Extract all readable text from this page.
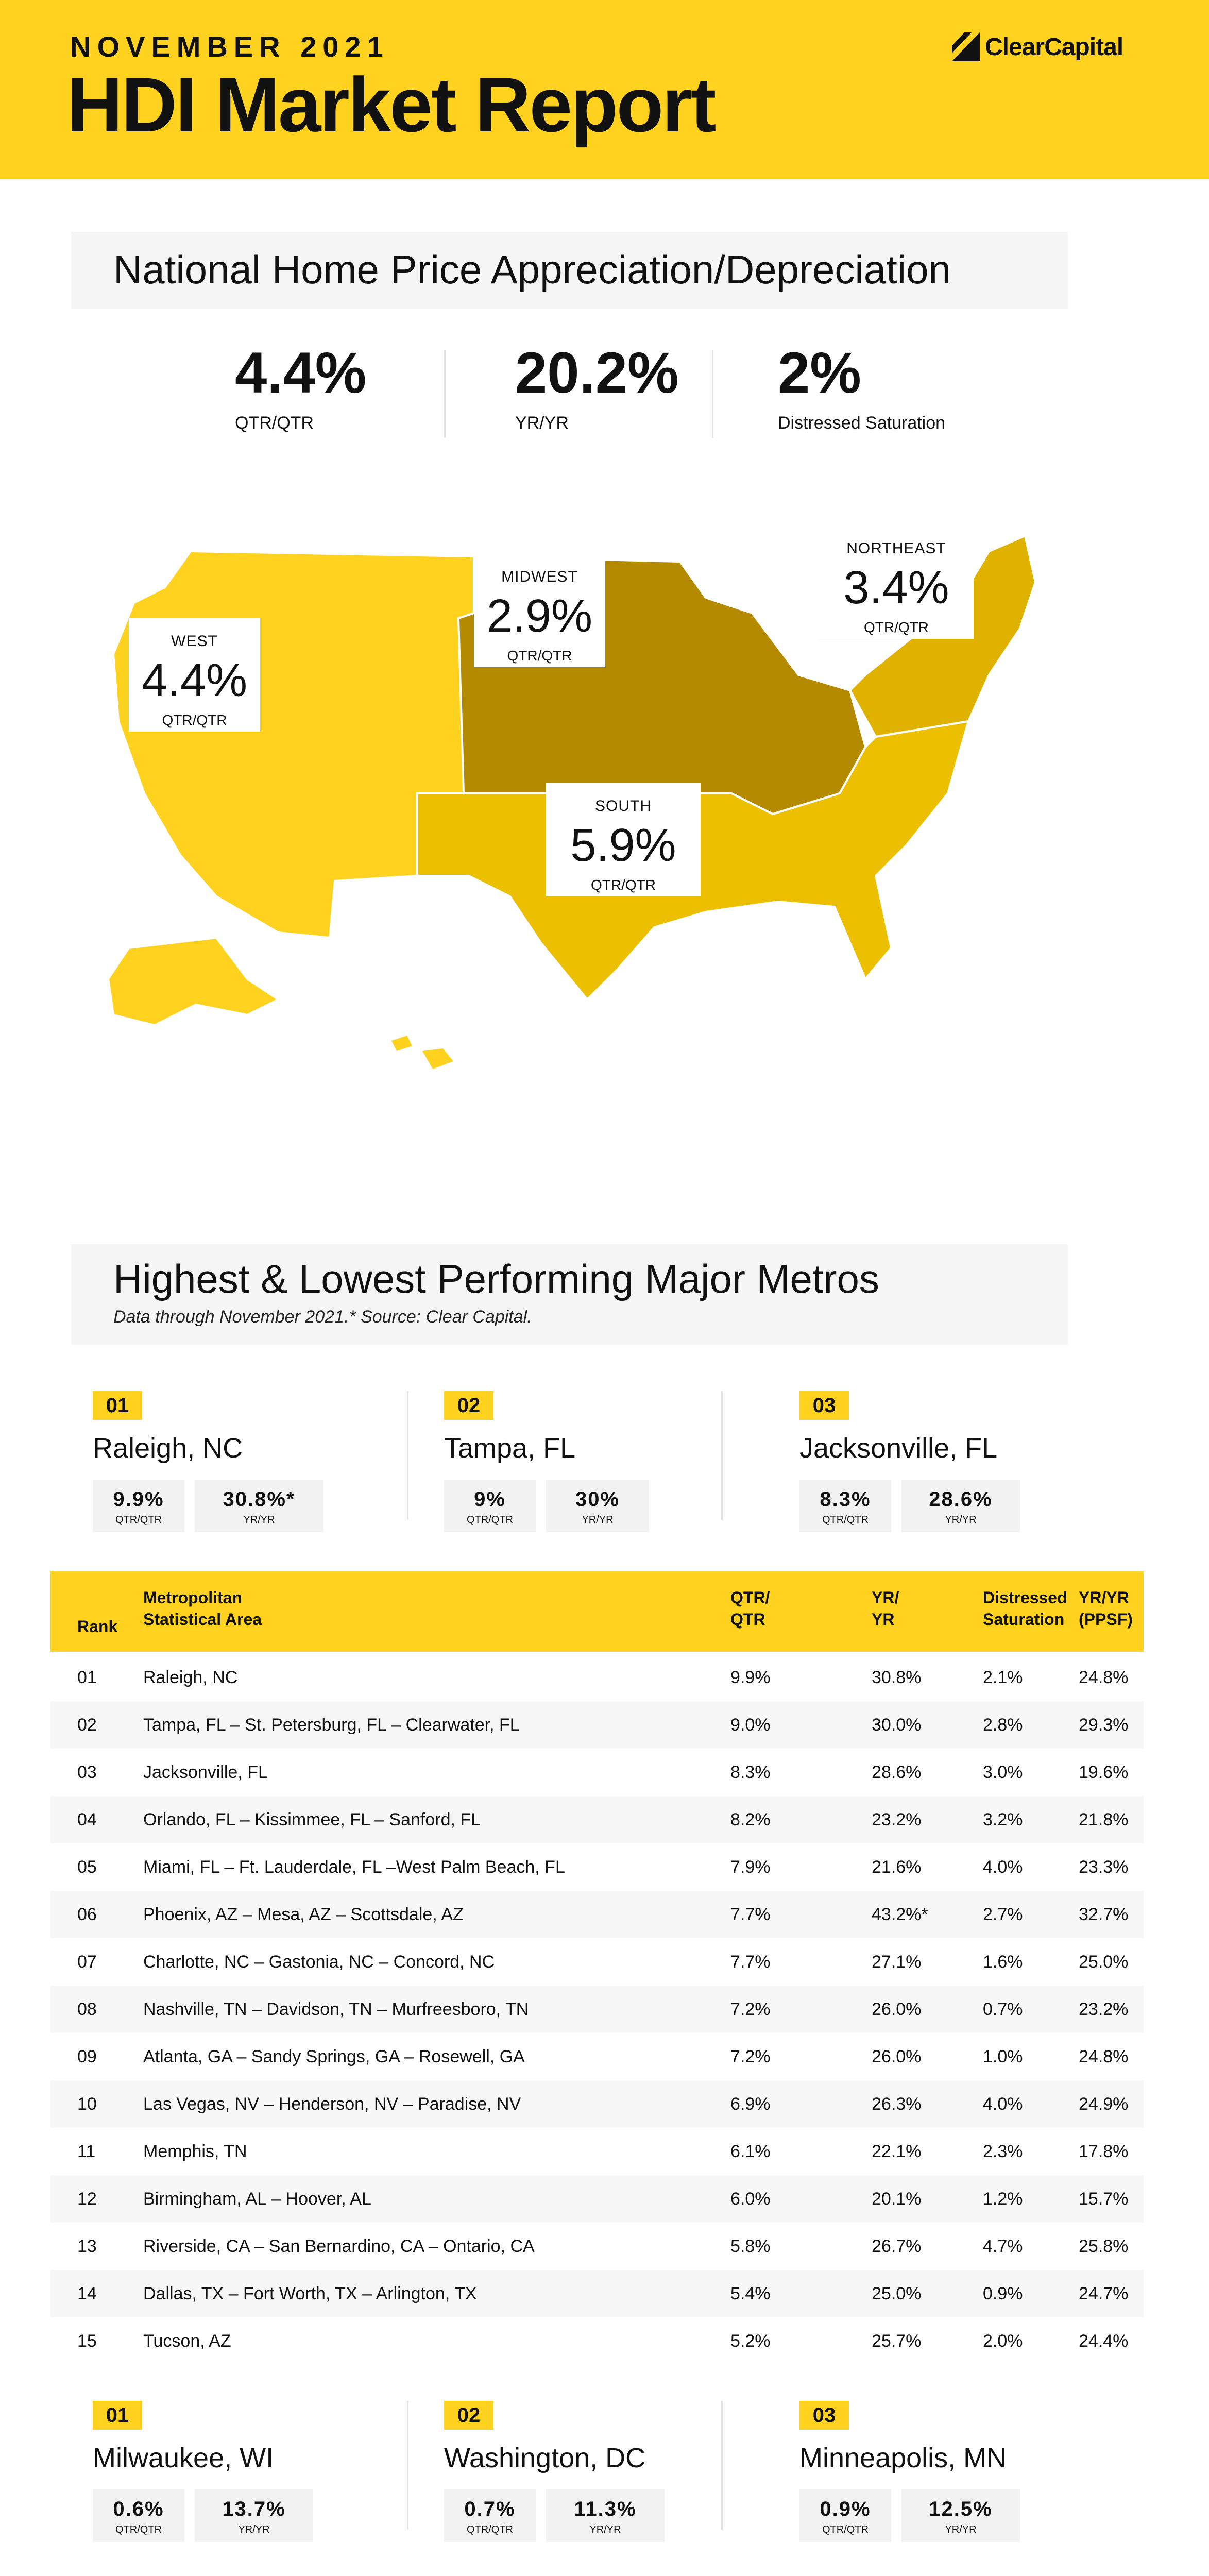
NOVEMBER 2021
HDI Market Report
ClearCapital
National Home Price Appreciation/Depreciation
4.4%
QTR/QTR
20.2%
YR/YR
2%
Distressed Saturation
WEST
4.4%
QTR/QTR
MIDWEST
2.9%
QTR/QTR
NORTHEAST
3.4%
QTR/QTR
SOUTH
5.9%
QTR/QTR
Highest & Lowest Performing Major Metros
Data through November 2021.* Source: Clear Capital.
01
Raleigh, NC
9.9%
QTR/QTR
30.8%*
YR/YR
02
Tampa, FL
9%
QTR/QTR
30%
YR/YR
03
Jacksonville, FL
8.3%
QTR/QTR
28.6%
YR/YR
Rank
Metropolitan
Statistical Area
QTR/
QTR
YR/
YR
Distressed
Saturation
YR/YR
(PPSF)
01	Raleigh, NC	9.9%	30.8%	2.1%	24.8%
02	Tampa, FL – St. Petersburg, FL – Clearwater, FL	9.0%	30.0%	2.8%	29.3%
03	Jacksonville, FL	8.3%	28.6%	3.0%	19.6%
04	Orlando, FL – Kissimmee, FL – Sanford, FL	8.2%	23.2%	3.2%	21.8%
05	Miami, FL – Ft. Lauderdale, FL –West Palm Beach, FL	7.9%	21.6%	4.0%	23.3%
06	Phoenix, AZ – Mesa, AZ – Scottsdale, AZ	7.7%	43.2%*	2.7%	32.7%
07	Charlotte, NC – Gastonia, NC – Concord, NC	7.7%	27.1%	1.6%	25.0%
08	Nashville, TN – Davidson, TN – Murfreesboro, TN	7.2%	26.0%	0.7%	23.2%
09	Atlanta, GA – Sandy Springs, GA – Rosewell, GA	7.2%	26.0%	1.0%	24.8%
10	Las Vegas, NV – Henderson, NV – Paradise, NV	6.9%	26.3%	4.0%	24.9%
11	Memphis, TN	6.1%	22.1%	2.3%	17.8%
12	Birmingham, AL – Hoover, AL	6.0%	20.1%	1.2%	15.7%
13	Riverside, CA – San Bernardino, CA – Ontario, CA	5.8%	26.7%	4.7%	25.8%
14	Dallas, TX – Fort Worth, TX – Arlington, TX	5.4%	25.0%	0.9%	24.7%
15	Tucson, AZ	5.2%	25.7%	2.0%	24.4%
01
Milwaukee, WI
0.6%
QTR/QTR
13.7%
YR/YR
02
Washington, DC
0.7%
QTR/QTR
11.3%
YR/YR
03
Minneapolis, MN
0.9%
QTR/QTR
12.5%
YR/YR
